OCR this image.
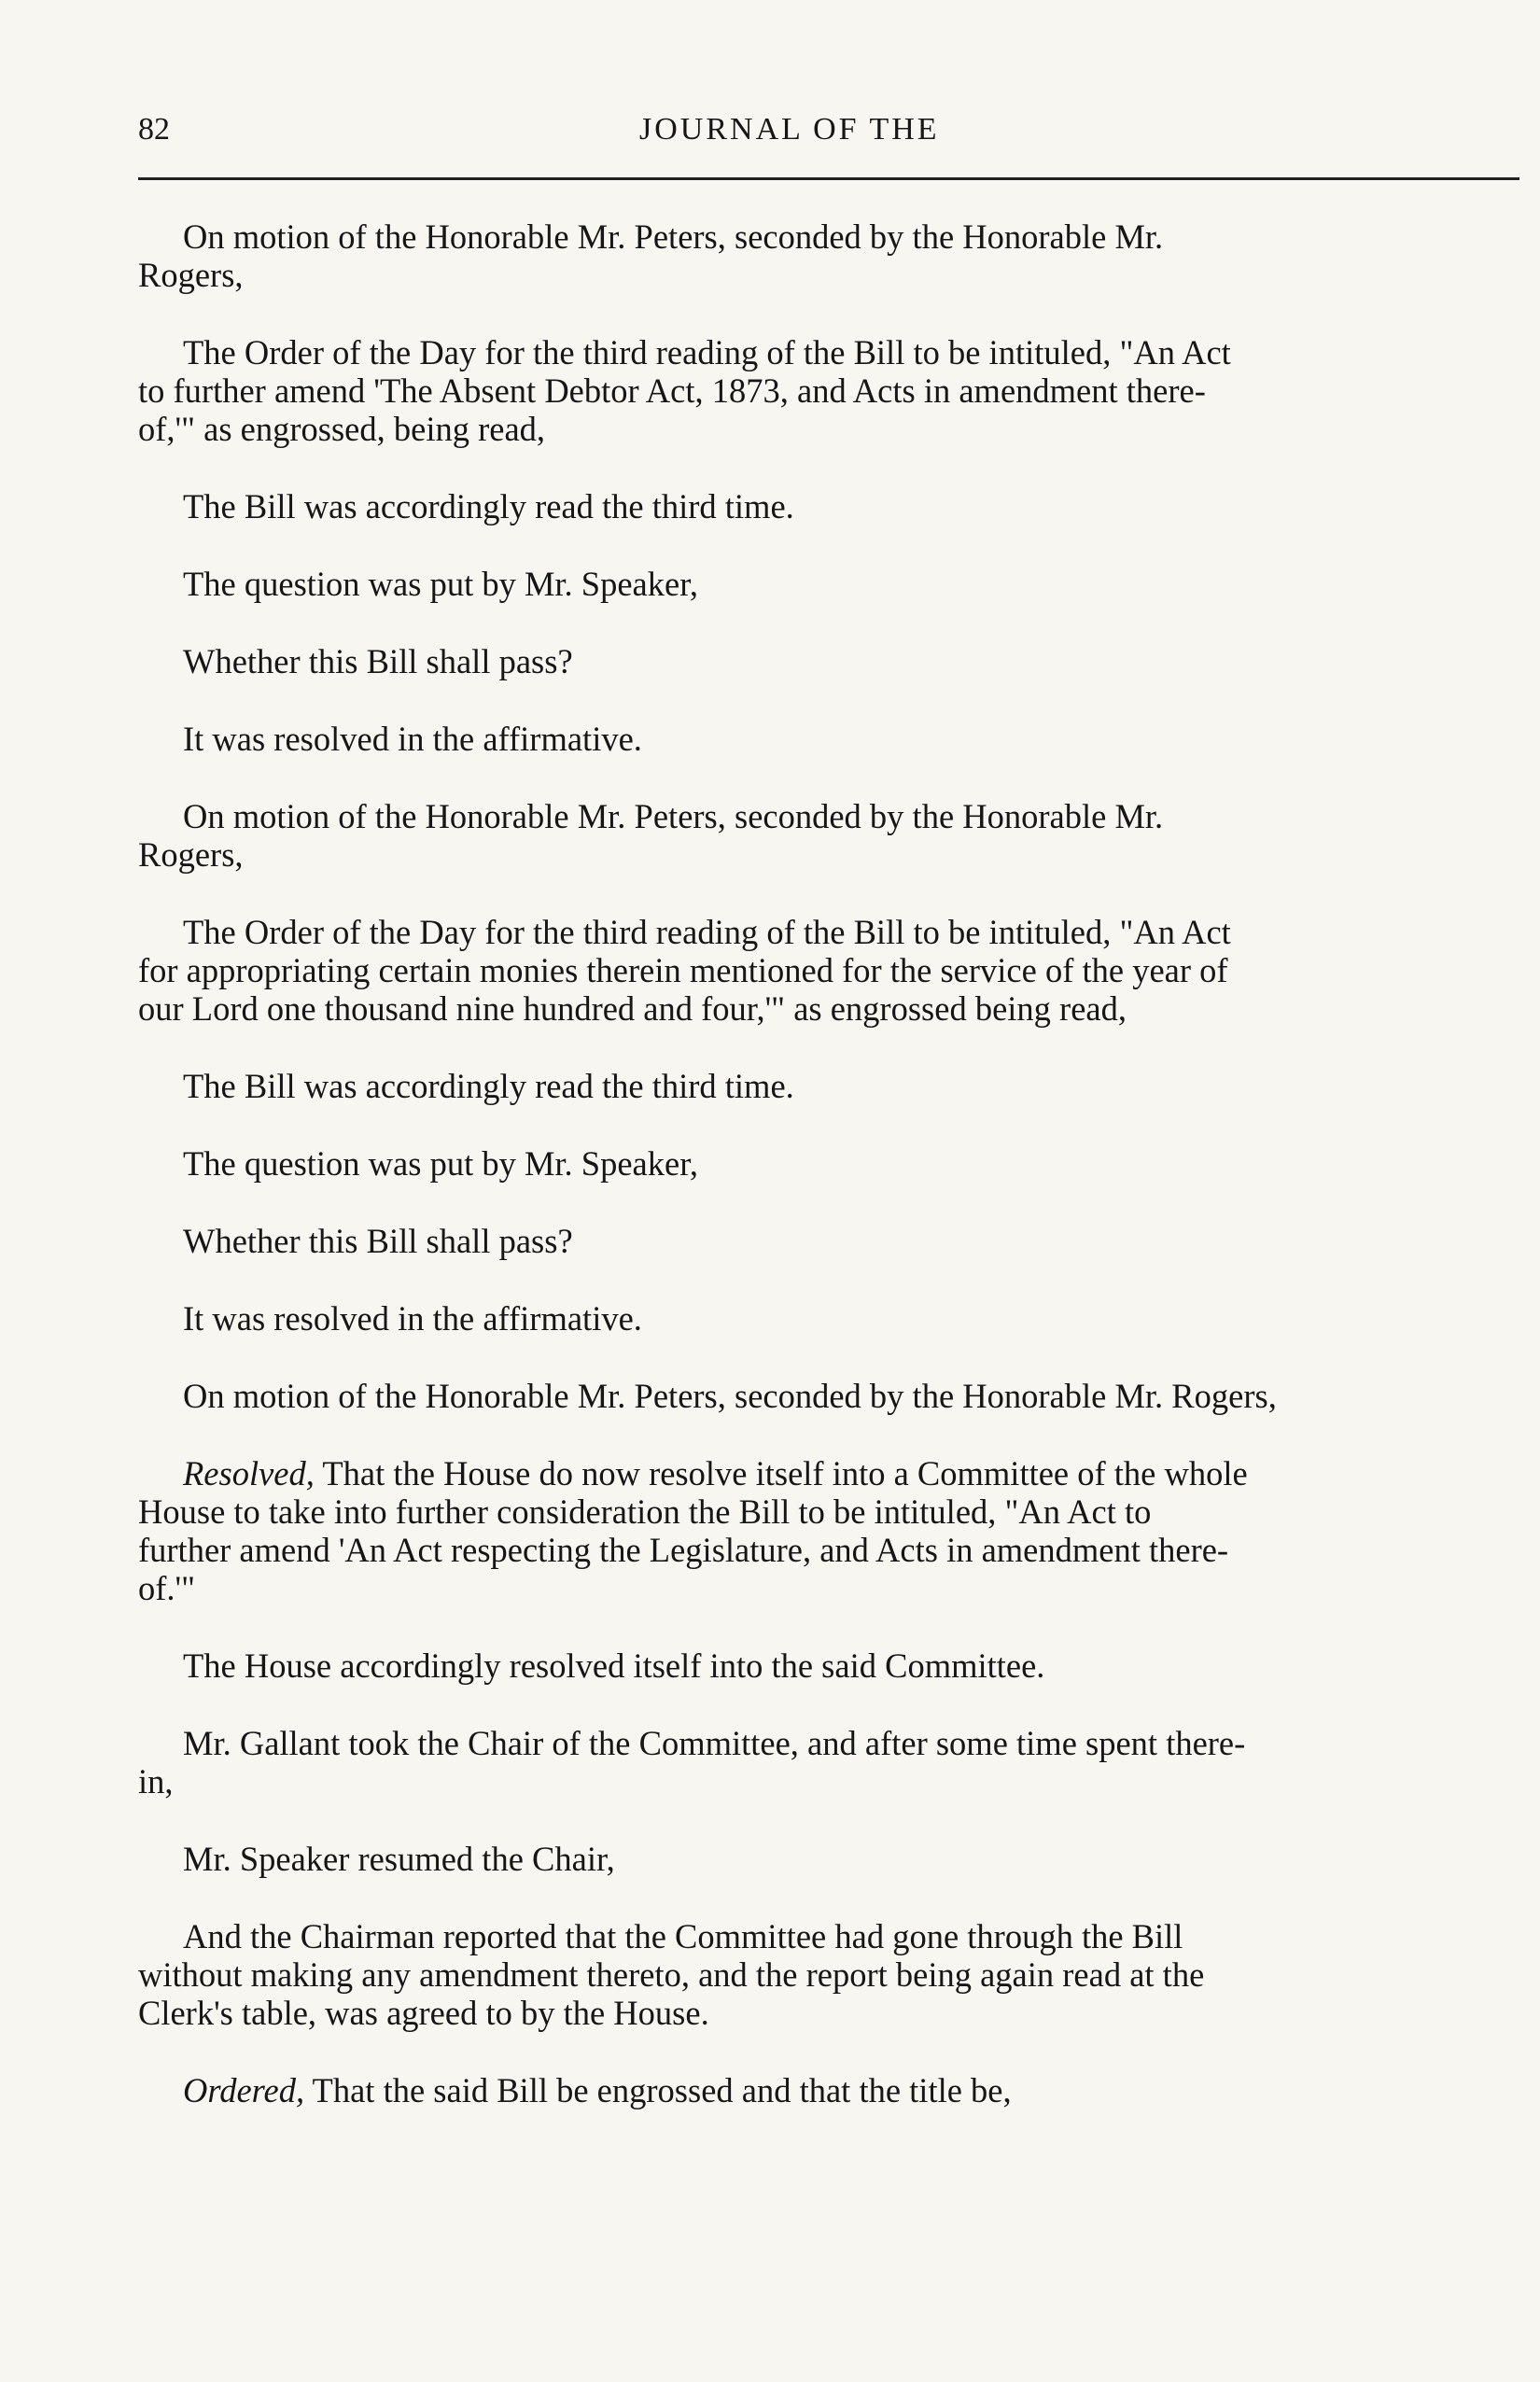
82	JOURNAL OF THE

On motion of the Honorable Mr. Peters, seconded by the Honorable Mr.
Rogers,

The Order of the Day for the third reading of the Bill to be intituled, "An Act
to further amend 'The Absent Debtor Act, 1873, and Acts in amendment there-
of,'" as engrossed, being read,

The Bill was accordingly read the third time.

The question was put by Mr. Speaker,

Whether this Bill shall pass?

It was resolved in the affirmative.

On motion of the Honorable Mr. Peters, seconded by the Honorable Mr.
Rogers,

The Order of the Day for the third reading of the Bill to be intituled, "An Act
for appropriating certain monies therein mentioned for the service of the year of
our Lord one thousand nine hundred and four,'" as engrossed being read,

The Bill was accordingly read the third time.

The question was put by Mr. Speaker,

Whether this Bill shall pass?

It was resolved in the affirmative.

On motion of the Honorable Mr. Peters, seconded by the Honorable Mr. Rogers,

Resolved, That the House do now resolve itself into a Committee of the whole
House to take into further consideration the Bill to be intituled, "An Act to
further amend 'An Act respecting the Legislature, and Acts in amendment there-
of.'"

The House accordingly resolved itself into the said Committee.

Mr. Gallant took the Chair of the Committee, and after some time spent there-
in,

Mr. Speaker resumed the Chair,

And the Chairman reported that the Committee had gone through the Bill
without making any amendment thereto, and the report being again read at the
Clerk's table, was agreed to by the House.

Ordered, That the said Bill be engrossed and that the title be,
